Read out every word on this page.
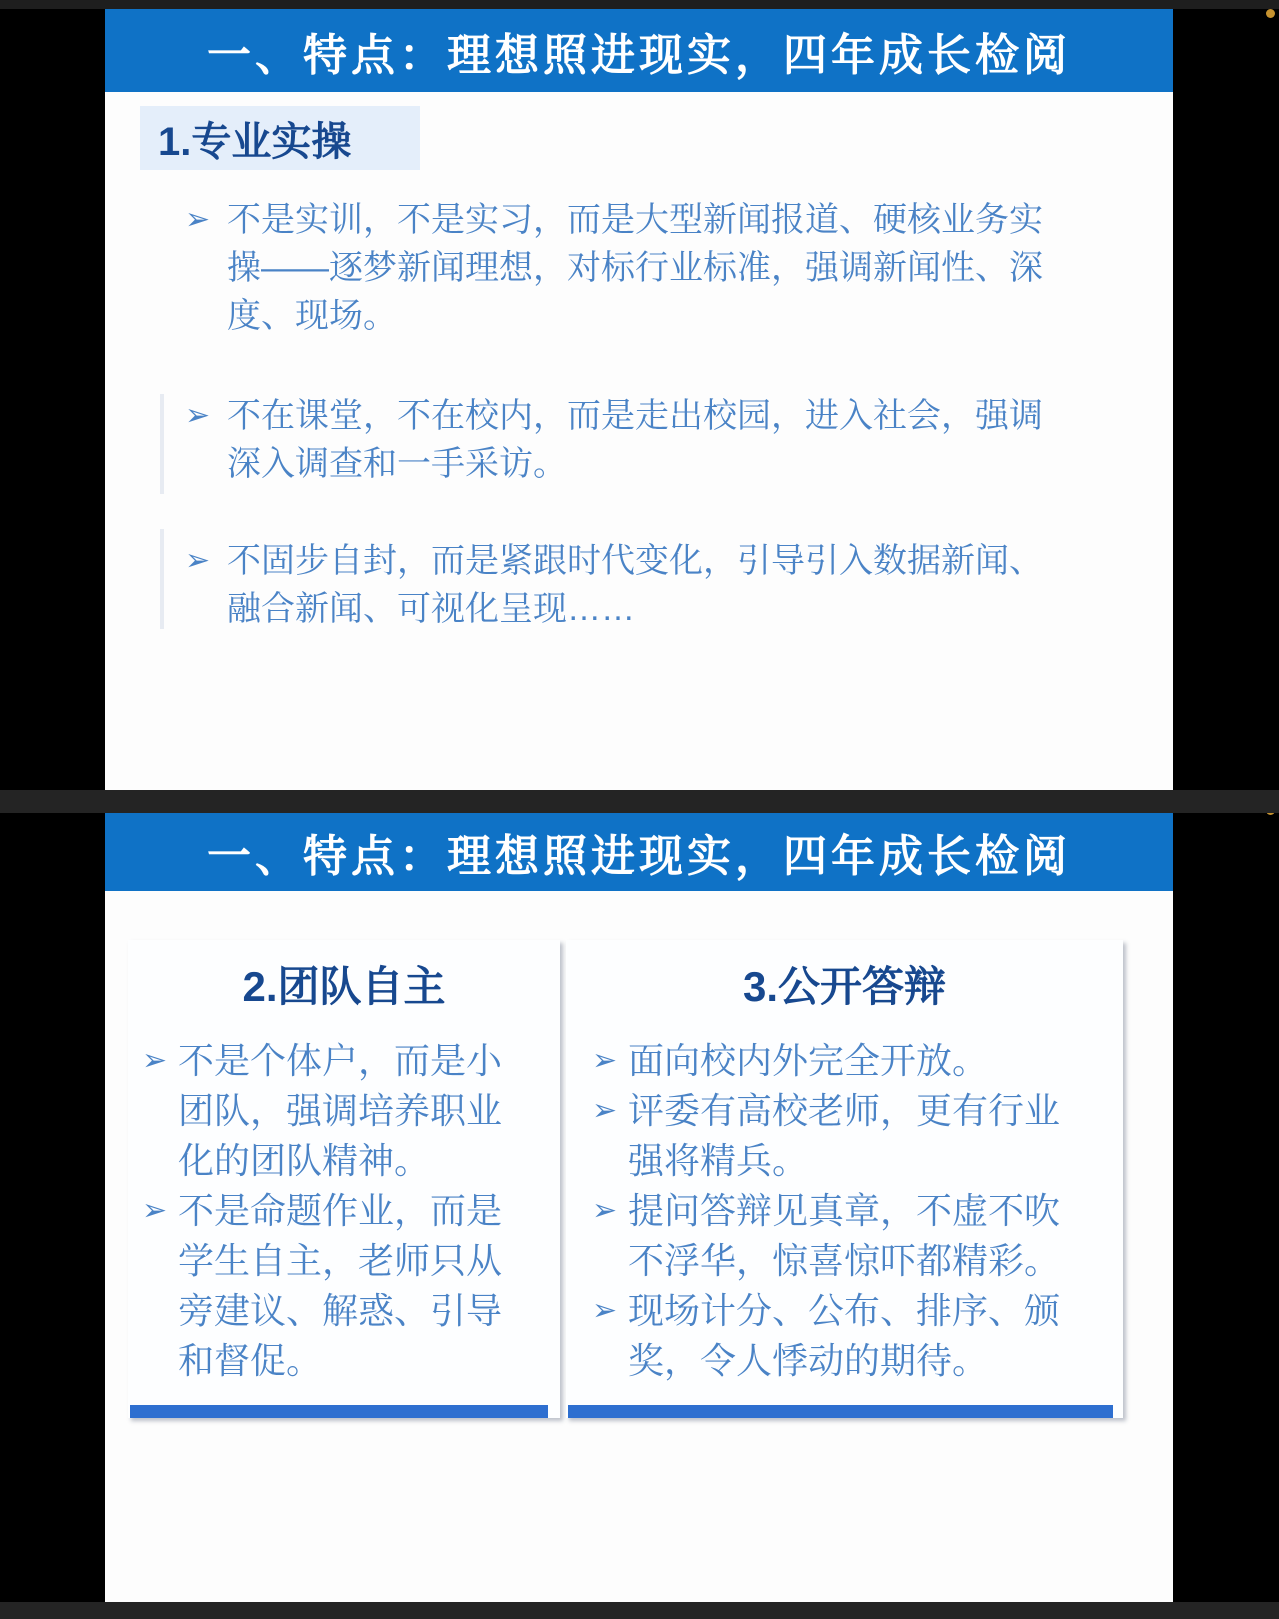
一、特点：理想照进现实，四年成长检阅
1.专业实操
➢ 不是实训，不是实习，而是大型新闻报道、硬核业务实操——逐梦新闻理想，对标行业标准，强调新闻性、深度、现场。
➢ 不在课堂，不在校内，而是走出校园，进入社会，强调深入调查和一手采访。
➢ 不固步自封，而是紧跟时代变化，引导引入数据新闻、融合新闻、可视化呈现……
一、特点：理想照进现实，四年成长检阅
2.团队自主
➢ 不是个体户，而是小团队，强调培养职业化的团队精神。
➢ 不是命题作业，而是学生自主，老师只从旁建议、解惑、引导和督促。
3.公开答辩
➢ 面向校内外完全开放。
➢ 评委有高校老师，更有行业强将精兵。
➢ 提问答辩见真章，不虚不吹不浮华，惊喜惊吓都精彩。
➢ 现场计分、公布、排序、颁奖，令人悸动的期待。
